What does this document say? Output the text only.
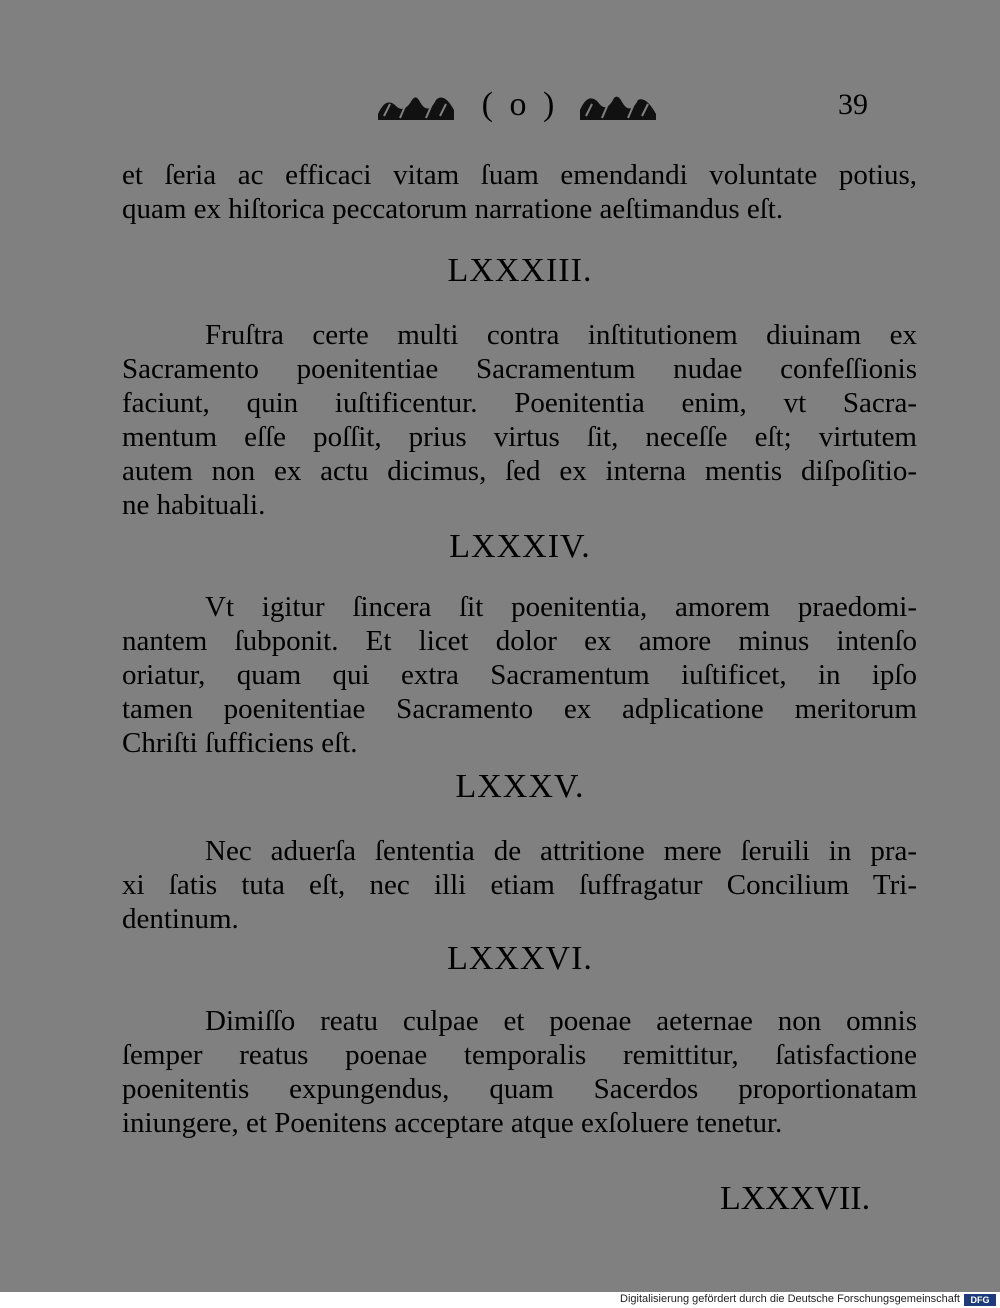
( o )	39
et ſeria ac efficaci vitam ſuam emendandi voluntate potius,
quam ex hiſtorica peccatorum narratione aeſtimandus eſt.
LXXXIII.
Fruſtra certe multi contra inſtitutionem diuinam ex
Sacramento poenitentiae Sacramentum nudae confeſſionis
faciunt, quin iuſtificentur. Poenitentia enim, vt Sacra-
mentum eſſe poſſit, prius virtus ſit, neceſſe eſt; virtutem
autem non ex actu dicimus, ſed ex interna mentis diſpoſitio-
ne habituali.
LXXXIV.
Vt igitur ſincera ſit poenitentia, amorem praedomi-
nantem ſubponit. Et licet dolor ex amore minus intenſo
oriatur, quam qui extra Sacramentum iuſtificet, in ipſo
tamen poenitentiae Sacramento ex adplicatione meritorum
Chriſti ſufficiens eſt.
LXXXV.
Nec aduerſa ſententia de attritione mere ſeruili in pra-
xi ſatis tuta eſt, nec illi etiam ſuffragatur Concilium Tri-
dentinum.
LXXXVI.
Dimiſſo reatu culpae et poenae aeternae non omnis
ſemper reatus poenae temporalis remittitur, ſatisfactione
poenitentis expungendus, quam Sacerdos proportionatam
iniungere, et Poenitens acceptare atque exſoluere tenetur.
LXXXVII.
Digitalisierung gefördert durch die Deutsche Forschungsgemeinschaft	DFG
